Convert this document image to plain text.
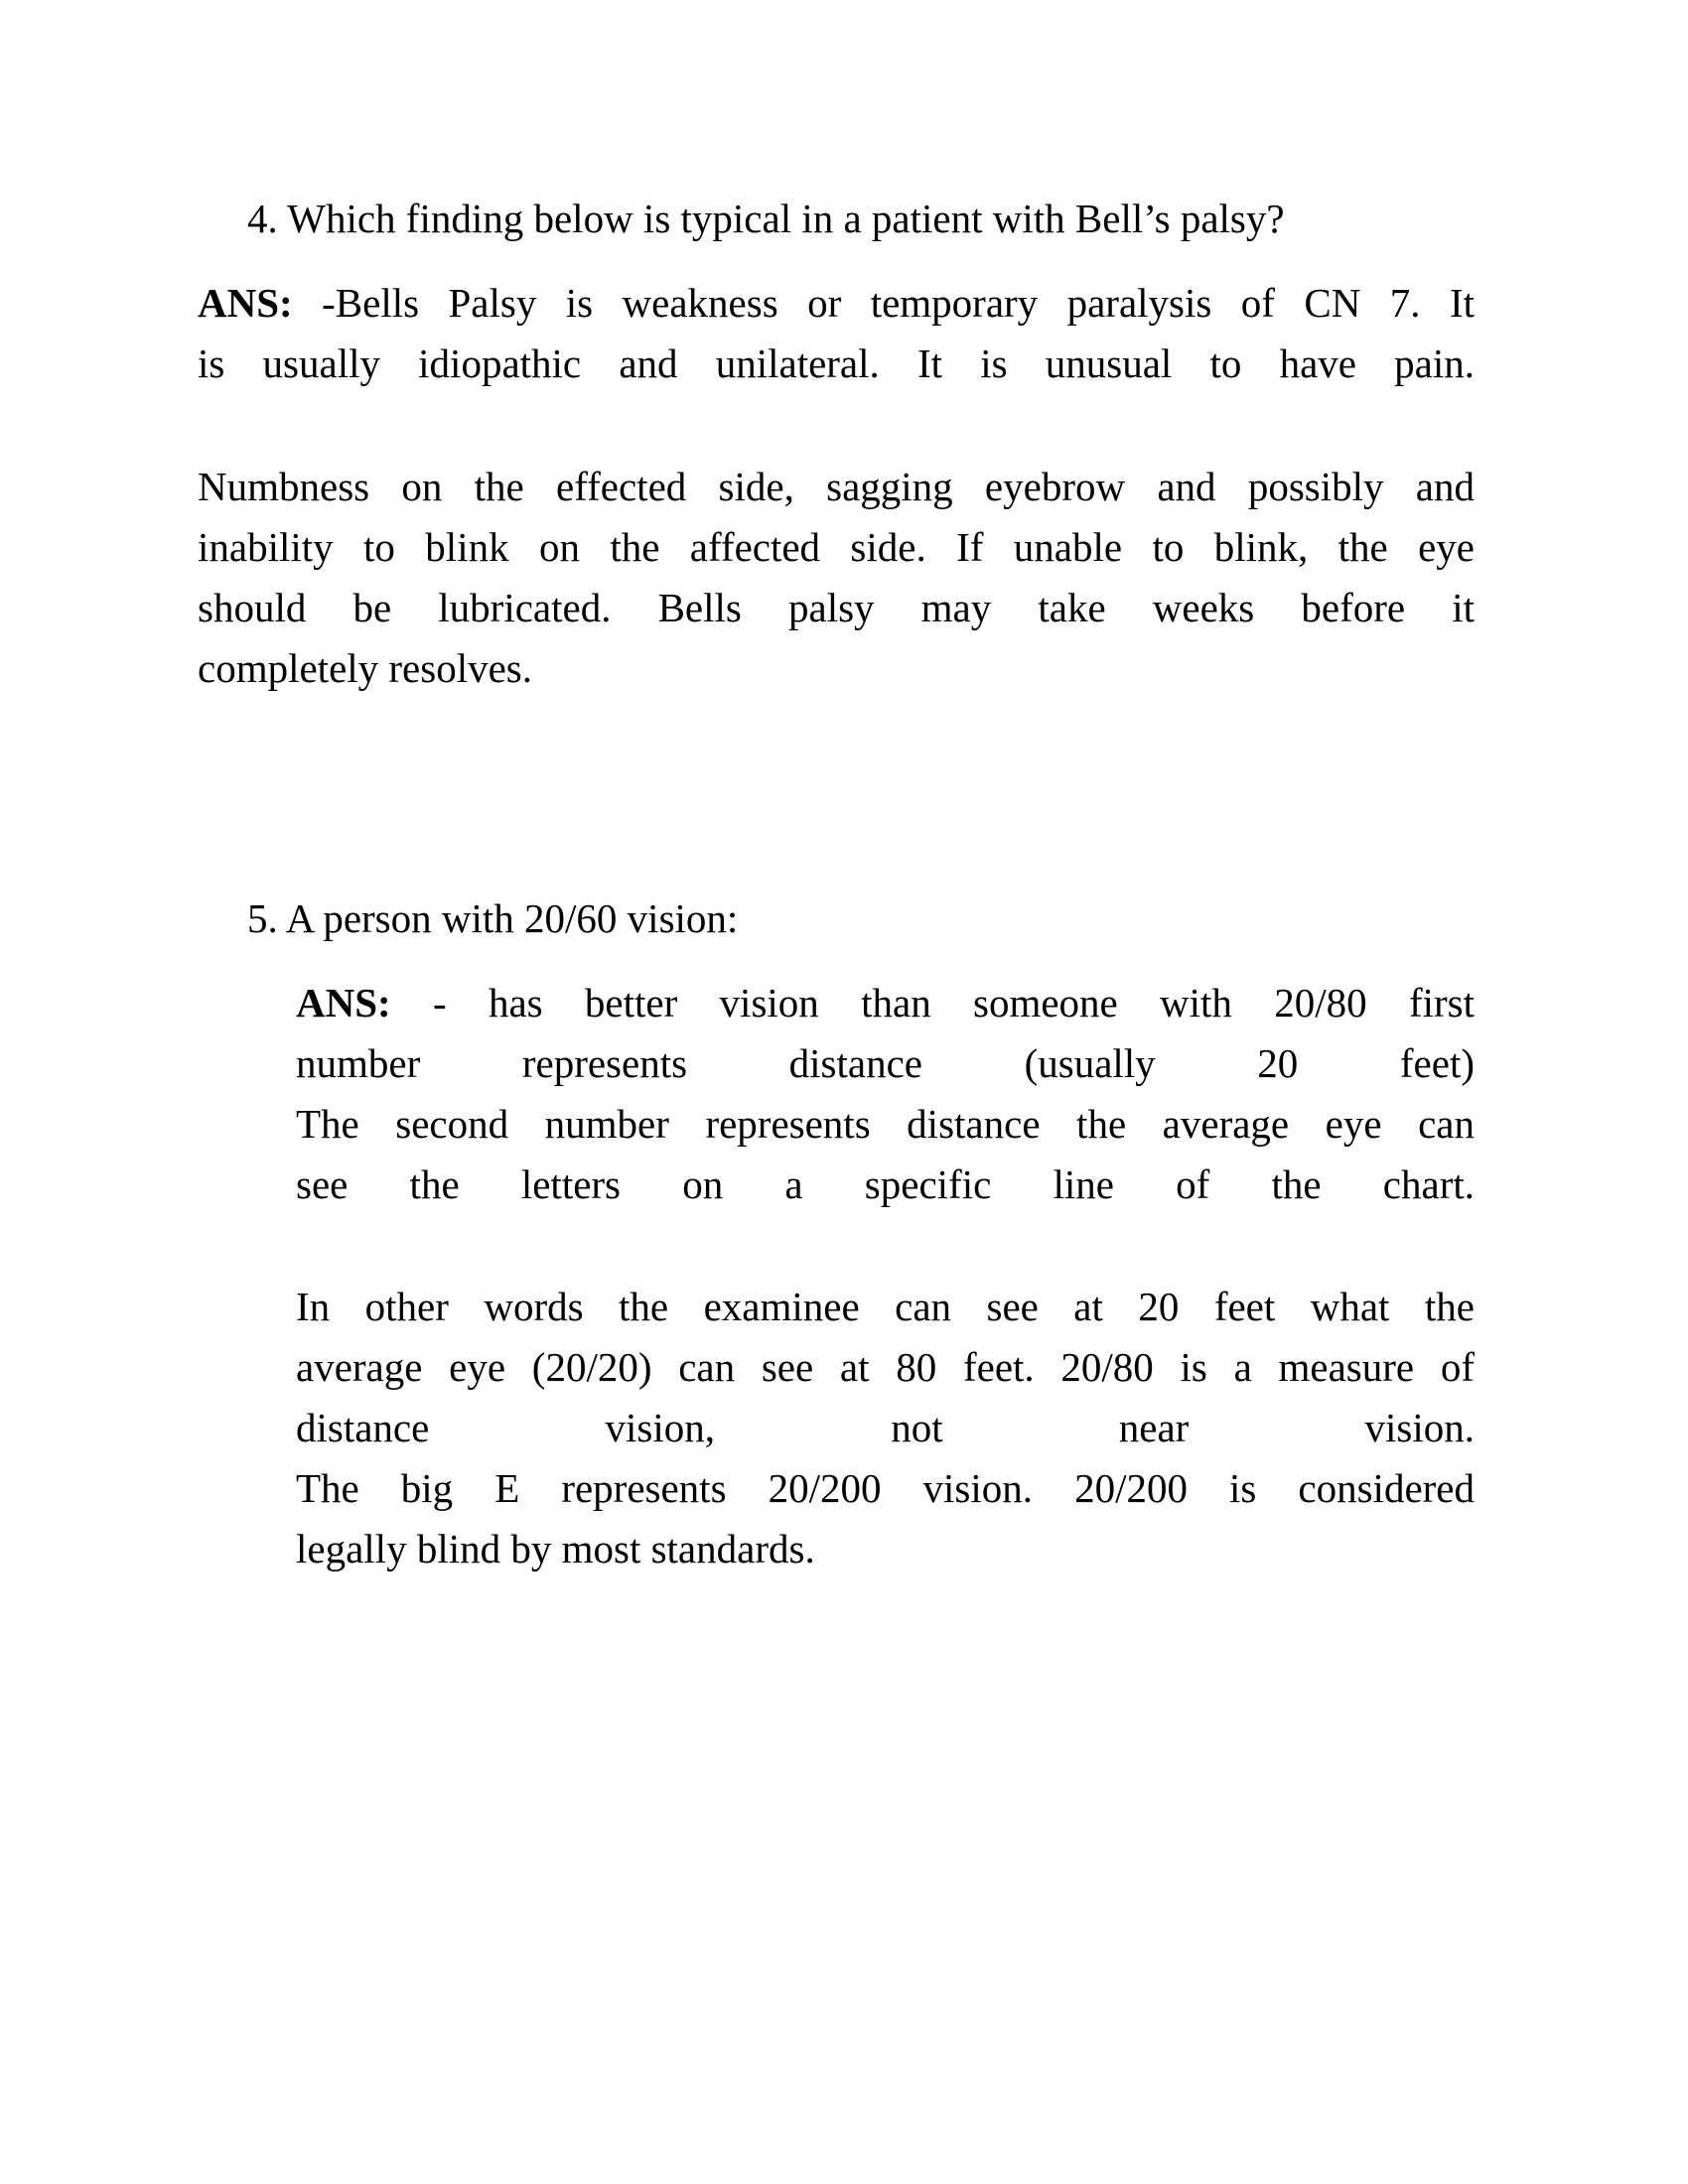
4. Which finding below is typical in a patient with Bell’s palsy?
ANS: -Bells Palsy is weakness or temporary paralysis of CN 7. It
is usually idiopathic and unilateral. It is unusual to have pain.
Numbness on the effected side, sagging eyebrow and possibly and
inability to blink on the affected side. If unable to blink, the eye
should be lubricated. Bells palsy may take weeks before it
completely resolves.
5. A person with 20/60 vision:
ANS: - has better vision than someone with 20/80 first
number represents distance (usually 20 feet)
The second number represents distance the average eye can
see the letters on a specific line of the chart.
In other words the examinee can see at 20 feet what the
average eye (20/20) can see at 80 feet. 20/80 is a measure of
distance vision, not near vision.
The big E represents 20/200 vision. 20/200 is considered
legally blind by most standards.
